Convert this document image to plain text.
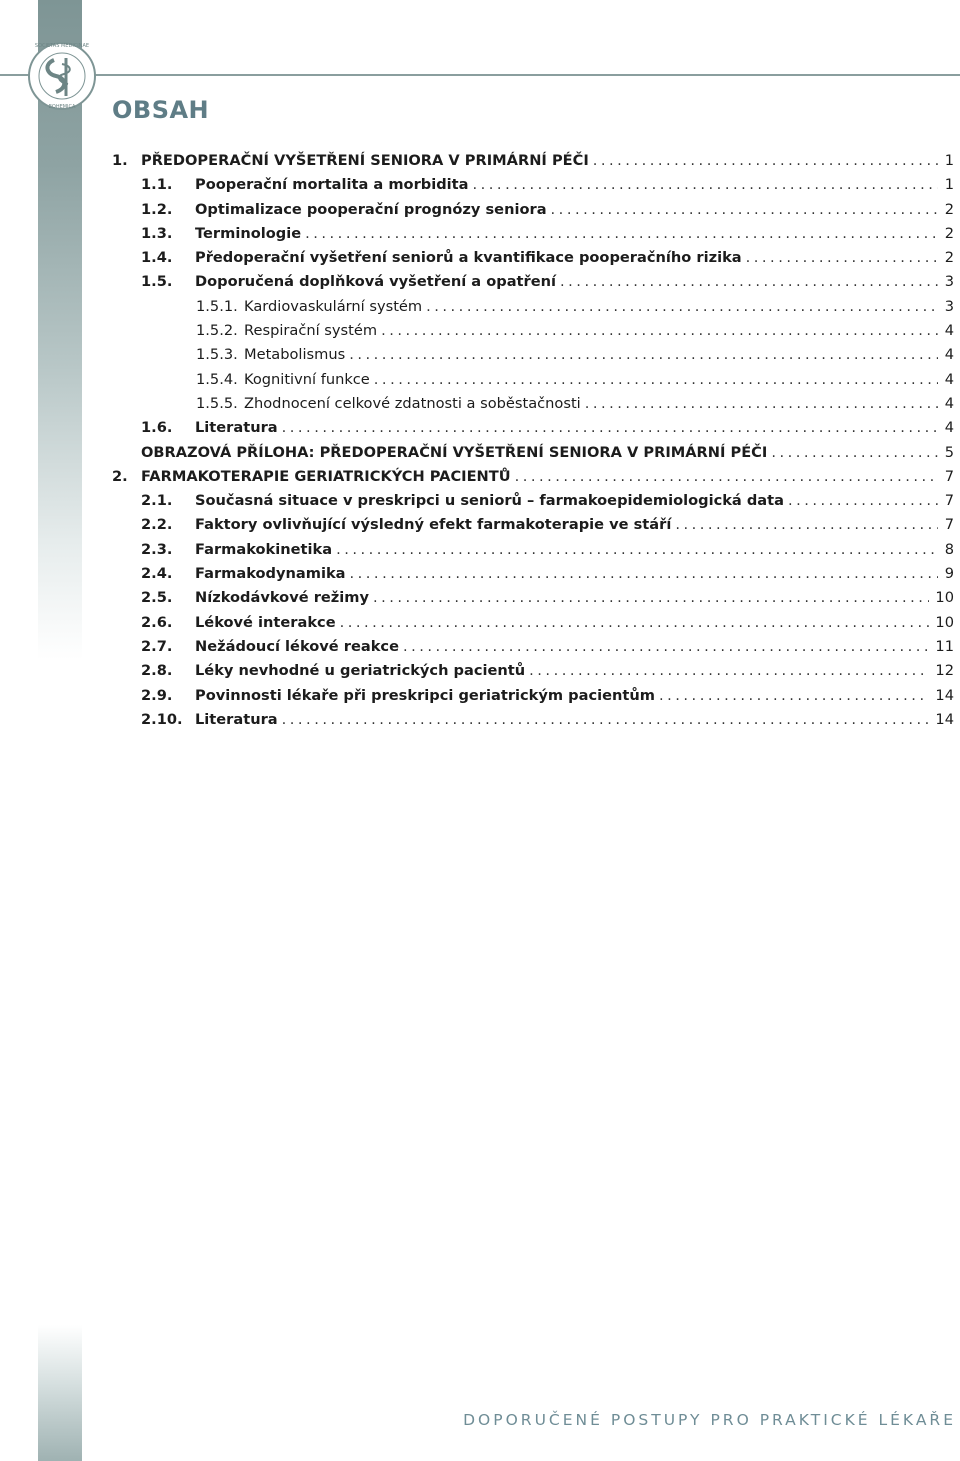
SOCIETAS MEDICINAE
BOHEMICA OBSAH
1. PŘEDOPERAČNÍ VYŠETŘENÍ SENIORA V PRIMÁRNÍ PÉČI .....	1
1.1.	Pooperační mortalita a morbidita .....	1
1.2.	Optimalizace pooperační prognózy seniora .....	2
1.3.	Terminologie .....	2
1.4.	Předoperační vyšetření seniorů a kvantifikace pooperačního rizika .....	2
1.5.	Doporučená doplňková vyšetření a opatření .....	3
1.5.1. Kardiovaskulární systém .....	3
1.5.2. Respirační systém .....	4
1.5.3. Metabolismus .....	4
1.5.4. Kognitivní funkce .....	4
1.5.5. Zhodnocení celkové zdatnosti a soběstačnosti .....	4
1.6.	Literatura .....	4
OBRAZOVÁ PŘÍLOHA: PŘEDOPERAČNÍ VYŠETŘENÍ SENIORA V PRIMÁRNÍ PÉČI .....	5
2. FARMAKOTERAPIE GERIATRICKÝCH PACIENTŮ .....	7
2.1.	Současná situace v preskripci u seniorů – farmakoepidemiologická data .....	7
2.2.	Faktory ovlivňující výsledný efekt farmakoterapie ve stáří .....	7
2.3.	Farmakokinetika .....	8
2.4.	Farmakodynamika .....	9
2.5.	Nízkodávkové režimy .....	10
2.6.	Lékové interakce .....	10
2.7.	Nežádoucí lékové reakce .....	11
2.8.	Léky nevhodné u geriatrických pacientů .....	12
2.9.	Povinnosti lékaře při preskripci geriatrickým pacientům .....	14
2.10. Literatura .....	14
DOPORUČENÉ POSTUPY PRO PRAKTICKÉ LÉKAŘE
